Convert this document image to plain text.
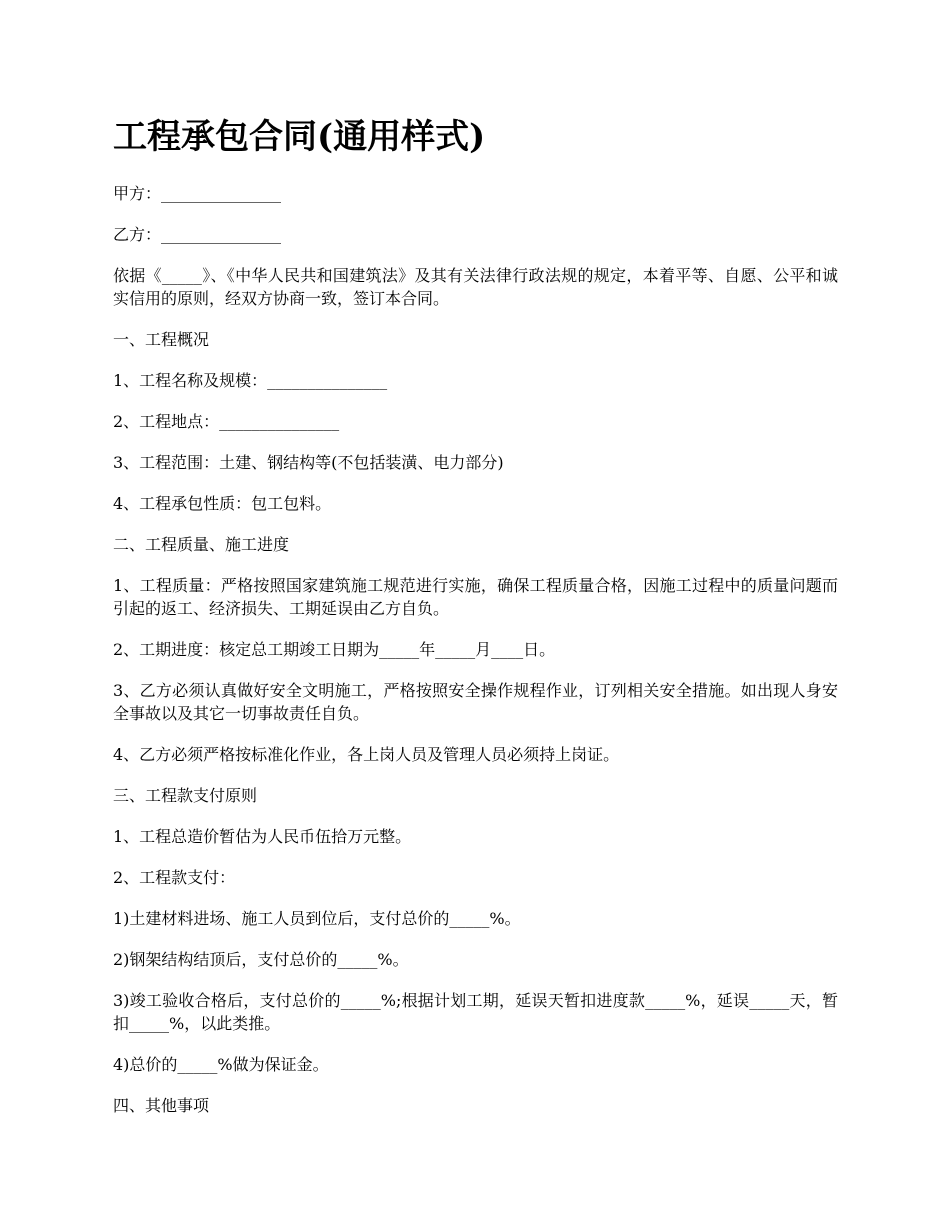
工程承包合同(通用样式)

甲方：_______________

乙方：_______________

依据《_____》、《中华人民共和国建筑法》及其有关法律行政法规的规定，本着平等、自愿、公平和诚实信用的原则，经双方协商一致，签订本合同。

一、工程概况

1、工程名称及规模：_______________

2、工程地点：_______________

3、工程范围：土建、钢结构等(不包括装潢、电力部分)

4、工程承包性质：包工包料。

二、工程质量、施工进度

1、工程质量：严格按照国家建筑施工规范进行实施，确保工程质量合格，因施工过程中的质量问题而引起的返工、经济损失、工期延误由乙方自负。

2、工期进度：核定总工期竣工日期为_____年_____月____日。

3、乙方必须认真做好安全文明施工，严格按照安全操作规程作业，订列相关安全措施。如出现人身安全事故以及其它一切事故责任自负。

4、乙方必须严格按标准化作业，各上岗人员及管理人员必须持上岗证。

三、工程款支付原则

1、工程总造价暂估为人民币伍拾万元整。

2、工程款支付：

1)土建材料进场、施工人员到位后，支付总价的_____%。

2)钢架结构结顶后，支付总价的_____%。

3)竣工验收合格后，支付总价的_____%;根据计划工期，延误天暂扣进度款_____%，延误_____天，暂扣_____%，以此类推。

4)总价的_____%做为保证金。

四、其他事项
